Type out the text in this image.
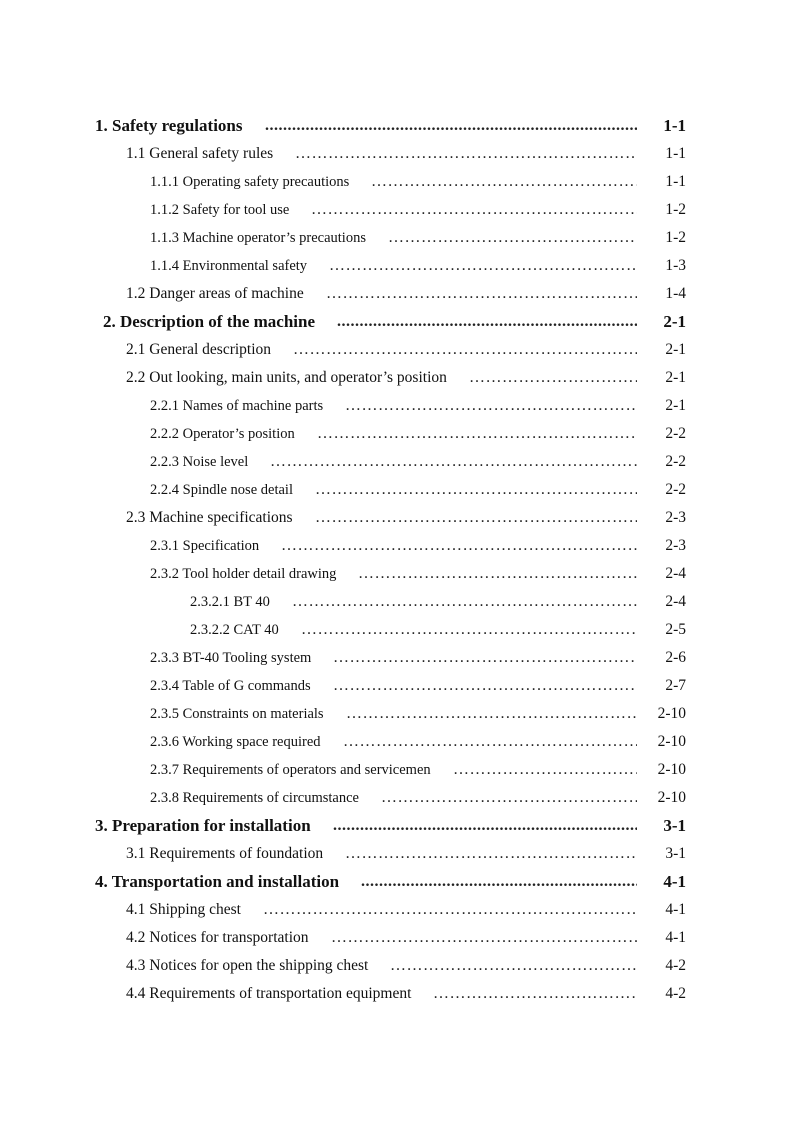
1. Safety regulations .....	1-1
1.1 General safety rules …………………………………………………………………………………………………………………………………………………	1-1
1.1.1 Operating safety precautions …………………………………………………………………………………………………………………………………………………	1-1
1.1.2 Safety for tool use …………………………………………………………………………………………………………………………………………………	1-2
1.1.3 Machine operator’s precautions …………………………………………………………………………………………………………………………………………………	1-2
1.1.4 Environmental safety …………………………………………………………………………………………………………………………………………………	1-3
1.2 Danger areas of machine …………………………………………………………………………………………………………………………………………………	1-4
2. Description of the machine .....	2-1
2.1 General description …………………………………………………………………………………………………………………………………………………	2-1
2.2 Out looking, main units, and operator’s position …………………………………………………………………………………………………………………………………………………	2-1
2.2.1 Names of machine parts …………………………………………………………………………………………………………………………………………………	2-1
2.2.2 Operator’s position …………………………………………………………………………………………………………………………………………………	2-2
2.2.3 Noise level …………………………………………………………………………………………………………………………………………………	2-2
2.2.4 Spindle nose detail …………………………………………………………………………………………………………………………………………………	2-2
2.3 Machine specifications …………………………………………………………………………………………………………………………………………………	2-3
2.3.1 Specification …………………………………………………………………………………………………………………………………………………	2-3
2.3.2 Tool holder detail drawing …………………………………………………………………………………………………………………………………………………	2-4
2.3.2.1 BT 40 …………………………………………………………………………………………………………………………………………………	2-4
2.3.2.2 CAT 40 …………………………………………………………………………………………………………………………………………………	2-5
2.3.3 BT-40 Tooling system …………………………………………………………………………………………………………………………………………………	2-6
2.3.4 Table of G commands …………………………………………………………………………………………………………………………………………………	2-7
2.3.5 Constraints on materials …………………………………………………………………………………………………………………………………………………	2-10
2.3.6 Working space required …………………………………………………………………………………………………………………………………………………	2-10
2.3.7 Requirements of operators and servicemen …………………………………………………………………………………………………………………………………………………	2-10
2.3.8 Requirements of circumstance …………………………………………………………………………………………………………………………………………………	2-10
3. Preparation for installation .....	3-1
3.1 Requirements of foundation …………………………………………………………………………………………………………………………………………………	3-1
4. Transportation and installation .....	4-1
4.1 Shipping chest …………………………………………………………………………………………………………………………………………………	4-1
4.2 Notices for transportation …………………………………………………………………………………………………………………………………………………	4-1
4.3 Notices for open the shipping chest …………………………………………………………………………………………………………………………………………………	4-2
4.4 Requirements of transportation equipment …………………………………………………………………………………………………………………………………………………	4-2
